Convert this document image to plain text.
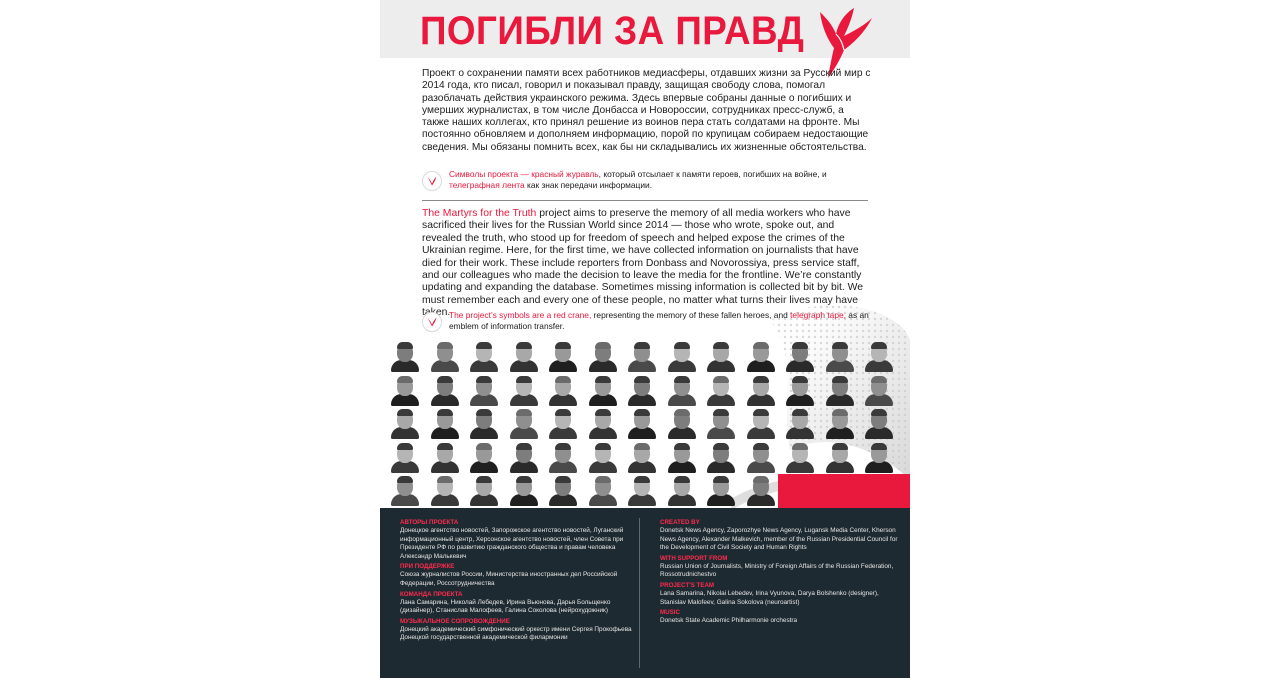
ПОГИБЛИ ЗА ПРАВД
Проект о сохранении памяти всех работников медиасферы, отдавших жизни за Русский мир с 2014 года, кто писал, говорил и показывал правду, защищая свободу слова, помогал разоблачать действия украинского режима. Здесь впервые собраны данные о погибших и умерших журналистах, в том числе Донбасса и Новороссии, сотрудниках пресс-служб, а также наших коллегах, кто принял решение из воинов пера стать солдатами на фронте. Мы постоянно обновляем и дополняем информацию, порой по крупицам собираем недостающие сведения. Мы обязаны помнить всех, как бы ни складывались их жизненные обстоятельства.
Символы проекта — красный журавль, который отсылает к памяти героев, погибших на войне, и телеграфная лента как знак передачи информации.
The Martyrs for the Truth project aims to preserve the memory of all media workers who have sacrificed their lives for the Russian World since 2014 — those who wrote, spoke out, and revealed the truth, who stood up for freedom of speech and helped expose the crimes of the Ukrainian regime. Here, for the first time, we have collected information on journalists that have died for their work. These include reporters from Donbass and Novorossiya, press service staff, and our colleagues who made the decision to leave the media for the frontline. We’re constantly updating and expanding the database. Sometimes missing information is collected bit by bit. We must remember each and every one of these people, no matter what turns their lives may have taken.
The project’s symbols are a red crane, representing the memory of these fallen heroes, and telegraph tape, as an emblem of information transfer.
АВТОРЫ ПРОЕКТА
Донецкое агентство новостей, Запорожское агентство новостей, Луганский информационный центр, Херсонское агентство новостей, член Совета при Президенте РФ по развитию гражданского общества и правам человека Александр Малькевич
ПРИ ПОДДЕРЖКЕ
Союза журналистов России, Министерства иностранных дел Российской Федерации, Россотрудничества
КОМАНДА ПРОЕКТА
Лана Самарина, Николай Лебедев, Ирина Вьюнова, Дарья Больщенко (дизайнер), Станислав Малофеев, Галина Соколова (нейрохудожник)
МУЗЫКАЛЬНОЕ СОПРОВОЖДЕНИЕ
Донецкий академический симфонический оркестр имени Сергея Прокофьева Донецкой государственной академической филармонии
CREATED BY
Donetsk News Agency, Zaporozhye News Agency, Lugansk Media Center, Kherson News Agency, Alexander Malkevich, member of the Russian Presidential Council for the Development of Civil Society and Human Rights
WITH SUPPORT FROM
Russian Union of Journalists, Ministry of Foreign Affairs of the Russian Federation, Rossotrudnichestvo
PROJECT'S TEAM
Lana Samarina, Nikolai Lebedev, Irina Vyunova, Darya Bolshenko (designer), Stanislav Malofeev, Galina Sokolova (neuroartist)
MUSIC
Donetsk State Academic Philharmonie orchestra
